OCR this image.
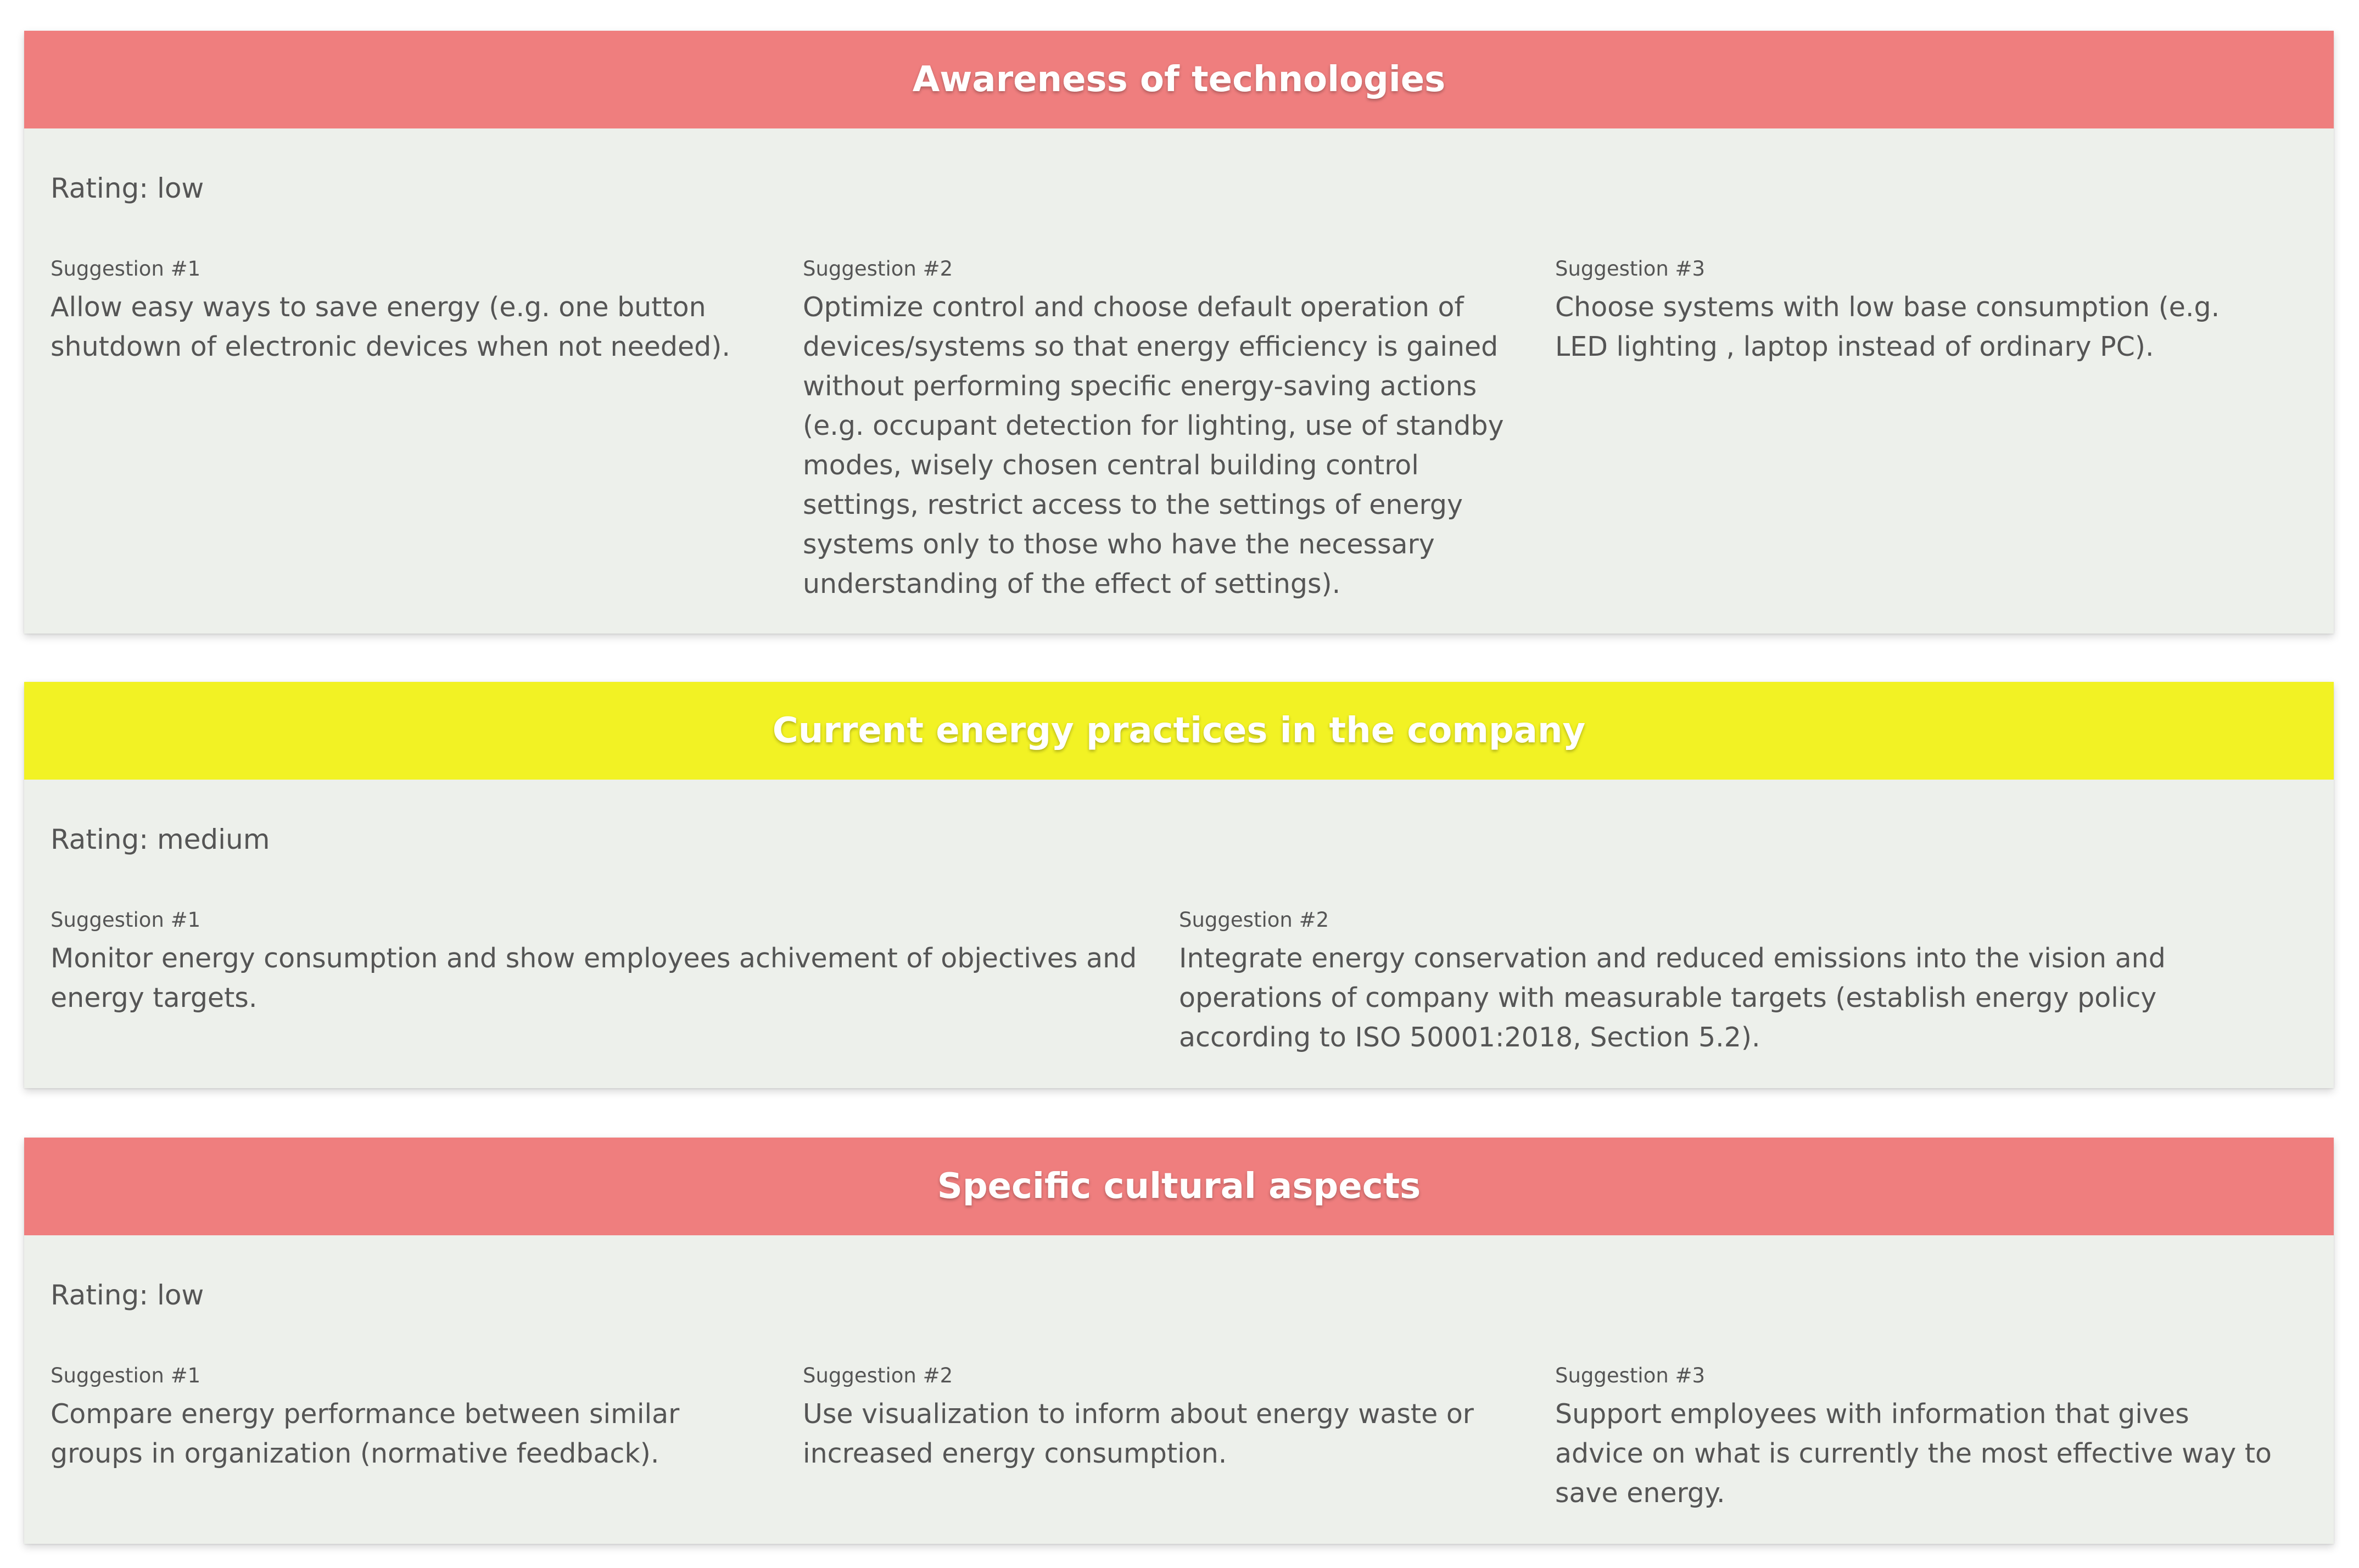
Awareness of technologies

Rating: low

Suggestion #1

Allow easy ways to save energy (e.g. one button shutdown of electronic devices when not needed).

Suggestion #2

Optimize control and choose default operation of devices/systems so that energy efficiency is gained without performing specific energy-saving actions (e.g. occupant detection for lighting, use of standby modes, wisely chosen central building control settings, restrict access to the settings of energy systems only to those who have the necessary understanding of the effect of settings).

Suggestion #3

Choose systems with low base consumption (e.g. LED lighting , laptop instead of ordinary PC).

Current energy practices in the company

Rating: medium

Suggestion #1

Monitor energy consumption and show employees achivement of objectives and energy targets.

Suggestion #2

Integrate energy conservation and reduced emissions into the vision and operations of company with measurable targets (establish energy policy according to ISO 50001:2018, Section 5.2).

Specific cultural aspects

Rating: low

Suggestion #1

Compare energy performance between similar groups in organization (normative feedback).

Suggestion #2

Use visualization to inform about energy waste or increased energy consumption.

Suggestion #3

Support employees with information that gives advice on what is currently the most effective way to save energy.
